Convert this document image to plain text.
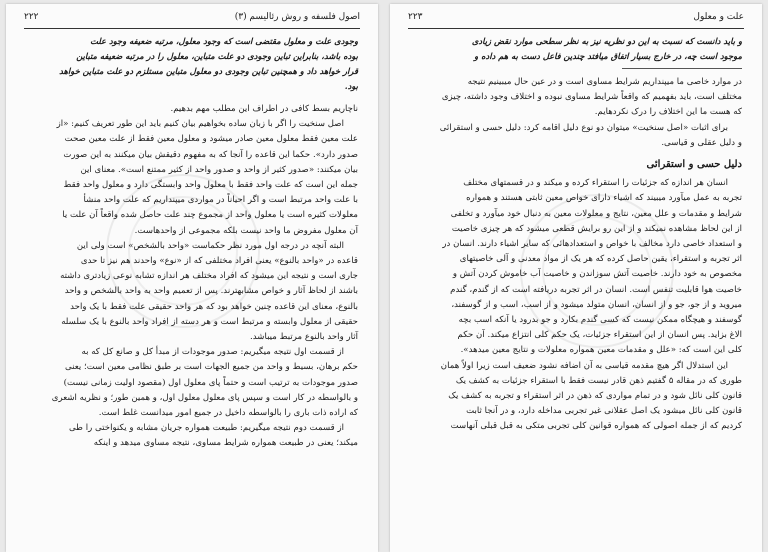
اصول فلسفه و روش رئالیسم (۳)
۲۲۲
وجودی علت و معلول مقتضی است که وجود معلول، مرتبه ضعیفه وجود علت
بوده باشد، بنابراین تباین وجودی دو علت متباین، معلول را در مرتبه ضعیفه متباین
قرار خواهد داد و همچنین تباین وجودی دو معلول متباین مستلزم دو علت متباین خواهد
بود.

ناچاریم بسط کافی در اطراف این مطلب مهم بدهیم.
اصل سنخیت را اگر با زبان ساده بخواهیم بیان کنیم باید این طور تعریف کنیم: «از
علت معین فقط معلول معین صادر میشود و معلول معین فقط از علت معین صحت
صدور دارد». حکما این قاعده را آنجا که به مفهوم دقیقش بیان میکنند به این صورت
بیان میکنند: «صدور کثیر از واحد و صدور واحد از کثیر ممتنع است». معنای این
جمله این است که علت واحد فقط با معلول واحد وابستگی دارد و معلول واحد فقط
با علت واحد مرتبط است و اگر احیاناً در مواردی میپنداریم که علت واحد منشأ
معلولات کثیره است یا معلول واحد از مجموع چند علت حاصل شده واقعاً آن علت یا
آن معلول مفروض ما واحد نیست بلکه مجموعی از واحدهاست.
البته آنچه در درجه اول مورد نظر حکماست «واحد بالشخص» است ولی این
قاعده در «واحد بالنوع» یعنی افراد مختلفی که از «نوع» واحدند هم نیز تا حدی
جاری است و نتیجه این میشود که افراد مختلف هر اندازه تشابه نوعی زیادتری داشته
باشند از لحاظ آثار و خواص مشابهترند. پس از تعمیم واحد به واحد بالشخص و واحد
بالنوع، معنای این قاعده چنین خواهد بود که هر واحد حقیقی علت فقط با یک واحد
حقیقی از معلول وابسته و مرتبط است و هر دسته از افراد واحد بالنوع با یک سلسله
آثار واحد بالنوع مرتبط میباشد.
از قسمت اول نتیجه میگیریم: صدور موجودات از مبدأ کل و صانع کل که به
حکم برهان، بسیط و واحد من جمیع الجهات است بر طبق نظامی معین است؛ یعنی
صدور موجودات به ترتیب است و حتماً پای معلول اول (مقصود اولیت زمانی نیست)
و بالواسطه در کار است و سپس پای معلول معلول اول، و همین طور؛ و نظریه اشعری
که اراده ذات باری را بالواسطه داخیل در جمیع امور میدانست غلط است.
از قسمت دوم نتیجه میگیریم: طبیعت همواره جریان مشابه و یکنواختی را طی
میکند؛ یعنی در طبیعت همواره شرایط مساوی، نتیجه مساوی میدهد و اینکه

علت و معلول
۲۲۳
و باید دانست که نسبت به این دو نظریه نیز به نظر سطحی موارد نقض زیادی
موجود است چه، در خارج بسیار اتفاق میافتد چندین فاعل دست به هم داده و

در موارد خاصی ما میپنداریم شرایط مساوی است و در عین حال میبینیم نتیجه
مختلف است، باید بفهمیم که واقعاً شرایط مساوی نبوده و اختلاف وجود داشته، چیزی
که هست ما این اختلاف را درک نکردهایم.
برای اثبات «اصل سنخیت» میتوان دو نوع دلیل اقامه کرد: دلیل حسی و استقرائی
و دلیل عقلی و قیاسی.

دلیل حسی و استقرائی

انسان هر اندازه که جزئیات را استقراء کرده و میکند و در قسمتهای مختلف
تجربه به عمل میآورد میبیند که اشیاء دارای خواص معین ثابتی هستند و همواره
شرایط و مقدمات و علل معین، نتایج و معلولات معین به دنبال خود میآورد و تخلفی
از این لحاظ مشاهده نمیکند و از این رو برایش قطعی میشود که هر چیزی خاصیت
و استعداد خاصی دارد مخالف با خواص و استعدادهائی که سایر اشیاء دارند. انسان در
اثر تجربه و استقراء، یقین حاصل کرده که هر یک از مواد معدنی و آلی خاصیتهای
مخصوص به خود دارند. خاصیت آتش سوزاندن و خاصیت آب خاموش کردن آتش و
خاصیت هوا قابلیت تنفس است. انسان در اثر تجربه دریافته است که از گندم، گندم
میروید و از جو، جو و از انسان، انسان متولد میشود و از اسب، اسب و از گوسفند،
گوسفند و هیچگاه ممکن نیست که کسی گندم بکارد و جو بدرود یا آنکه اسب بچه
الاغ بزاید. پس انسان از این استقراء جزئیات، یک حکم کلی انتزاع میکند. آن حکم
کلی این است که: «علل و مقدمات معین همواره معلولات و نتایج معین میدهد».
این استدلال اگر هیچ مقدمه قیاسی به آن اضافه نشود ضعیف است زیرا اولاً همان
طوری که در مقاله ۵ گفتیم ذهن قادر نیست فقط با استقراء جزئیات به کشف یک
قانون کلی نائل شود و در تمام مواردی که ذهن در اثر استقراء و تجربه به کشف یک
قانون کلی نائل میشود یک اصل عقلانی غیر تجربی مداخله دارد، و در آنجا ثابت
کردیم که از جمله اصولی که همواره قوانین کلی تجربی متکی به قبل قبلی آنهاست
